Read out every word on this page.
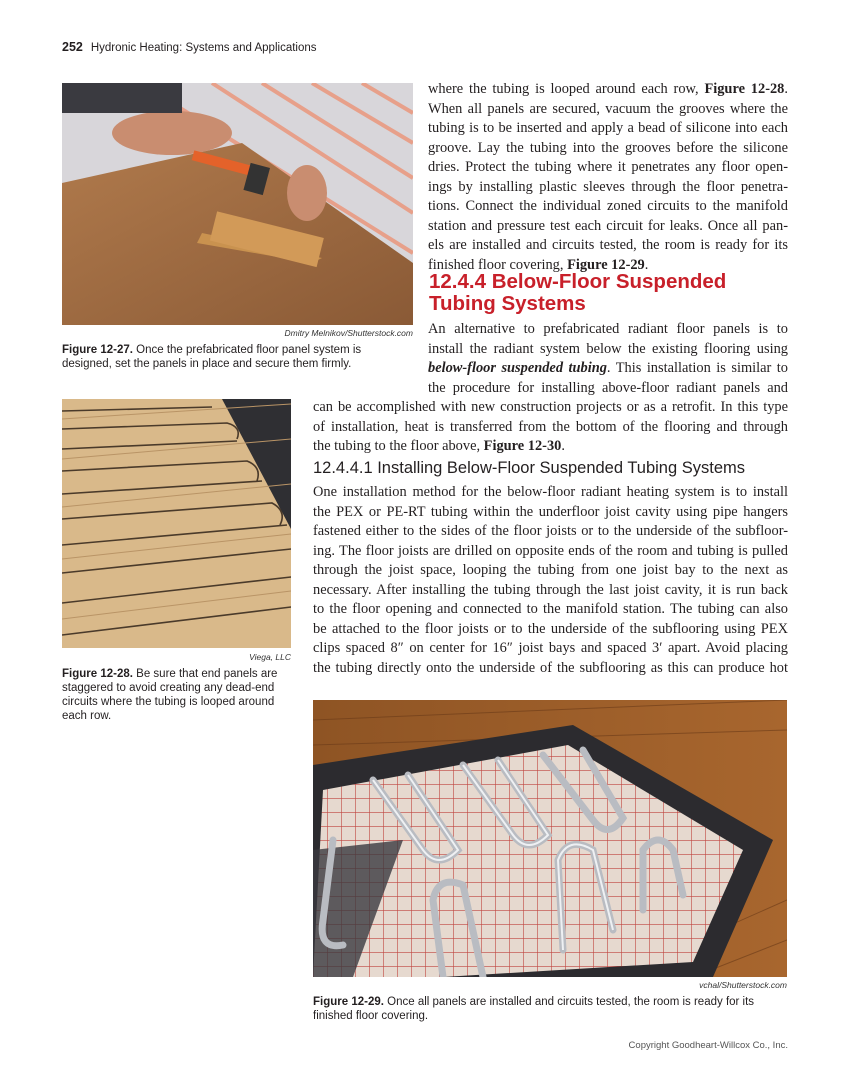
252 Hydronic Heating: Systems and Applications
Dmitry Melnikov/Shutterstock.com
Figure 12-27. Once the prefabricated floor panel system is
designed, set the panels in place and secure them firmly.
where the tubing is looped around each row, Figure 12-28.
When all panels are secured, vacuum the grooves where the
tubing is to be inserted and apply a bead of silicone into each
groove. Lay the tubing into the grooves before the silicone
dries. Protect the tubing where it penetrates any floor open-
ings by installing plastic sleeves through the floor penetra-
tions. Connect the individual zoned circuits to the manifold
station and pressure test each circuit for leaks. Once all pan-
els are installed and circuits tested, the room is ready for its
finished floor covering, Figure 12-29.
12.4.4 Below-Floor Suspended
Tubing Systems
An alternative to prefabricated radiant floor panels is to
install the radiant system below the existing flooring using
below-floor suspended tubing. This installation is similar to
the procedure for installing above-floor radiant panels and
can be accomplished with new construction projects or as a retrofit. In this type
of installation, heat is transferred from the bottom of the flooring and through
the tubing to the floor above, Figure 12-30.
12.4.4.1 Installing Below-Floor Suspended Tubing Systems
One installation method for the below-floor radiant heating system is to install
the PEX or PE-RT tubing within the underfloor joist cavity using pipe hangers
fastened either to the sides of the floor joists or to the underside of the subfloor-
ing. The floor joists are drilled on opposite ends of the room and tubing is pulled
through the joist space, looping the tubing from one joist bay to the next as
necessary. After installing the tubing through the last joist cavity, it is run back
to the floor opening and connected to the manifold station. The tubing can also
be attached to the floor joists or to the underside of the subflooring using PEX
clips spaced 8″ on center for 16″ joist bays and spaced 3′ apart. Avoid placing
the tubing directly onto the underside of the subflooring as this can produce hot
Viega, LLC
Figure 12-28. Be sure that end panels are
staggered to avoid creating any dead-end
circuits where the tubing is looped around
each row.
vchal/Shutterstock.com
Figure 12-29. Once all panels are installed and circuits tested, the room is ready for its
finished floor covering.
Copyright Goodheart-Willcox Co., Inc.
